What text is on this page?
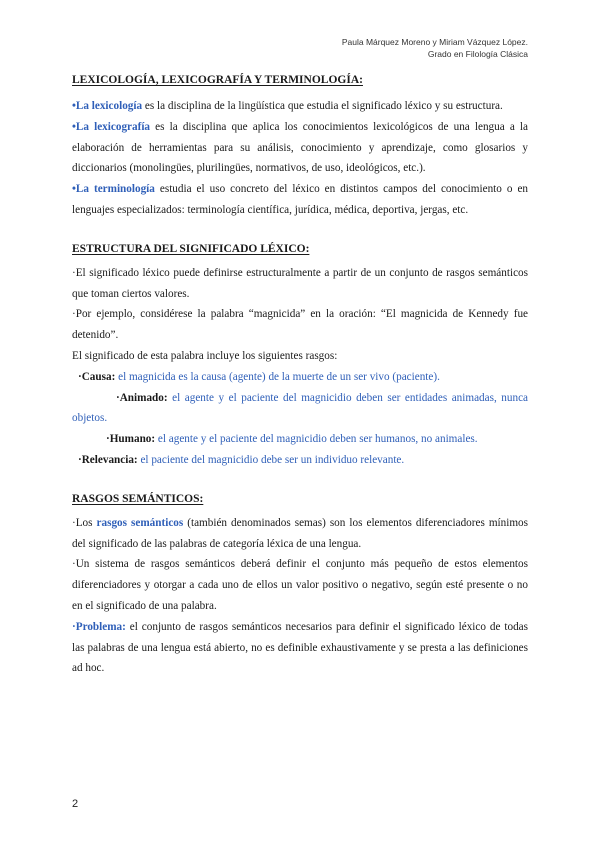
Paula Márquez Moreno y Miriam Vázquez López.
Grado en Filología Clásica
LEXICOLOGÍA, LEXICOGRAFÍA Y TERMINOLOGÍA:

•La lexicología es la disciplina de la lingüística que estudia el significado léxico y su estructura.

•La lexicografía es la disciplina que aplica los conocimientos lexicológicos de una lengua a la elaboración de herramientas para su análisis, conocimiento y aprendizaje, como glosarios y diccionarios (monolingües, plurilingües, normativos, de uso, ideológicos, etc.).

•La terminología estudia el uso concreto del léxico en distintos campos del conocimiento o en lenguajes especializados: terminología científica, jurídica, médica, deportiva, jergas, etc.

ESTRUCTURA DEL SIGNIFICADO LÉXICO:

·El significado léxico puede definirse estructuralmente a partir de un conjunto de rasgos semánticos que toman ciertos valores.

·Por ejemplo, considérese la palabra “magnicida” en la oración: “El magnicida de Kennedy fue detenido”.

El significado de esta palabra incluye los siguientes rasgos:

·Causa: el magnicida es la causa (agente) de la muerte de un ser vivo (paciente).

·Animado: el agente y el paciente del magnicidio deben ser entidades animadas, nunca objetos.

·Humano: el agente y el paciente del magnicidio deben ser humanos, no animales.

·Relevancia: el paciente del magnicidio debe ser un individuo relevante.

RASGOS SEMÁNTICOS:

·Los rasgos semánticos (también denominados semas) son los elementos diferenciadores mínimos del significado de las palabras de categoría léxica de una lengua.

·Un sistema de rasgos semánticos deberá definir el conjunto más pequeño de estos elementos diferenciadores y otorgar a cada uno de ellos un valor positivo o negativo, según esté presente o no en el significado de una palabra.

·Problema: el conjunto de rasgos semánticos necesarios para definir el significado léxico de todas las palabras de una lengua está abierto, no es definible exhaustivamente y se presta a las definiciones ad hoc.

2
